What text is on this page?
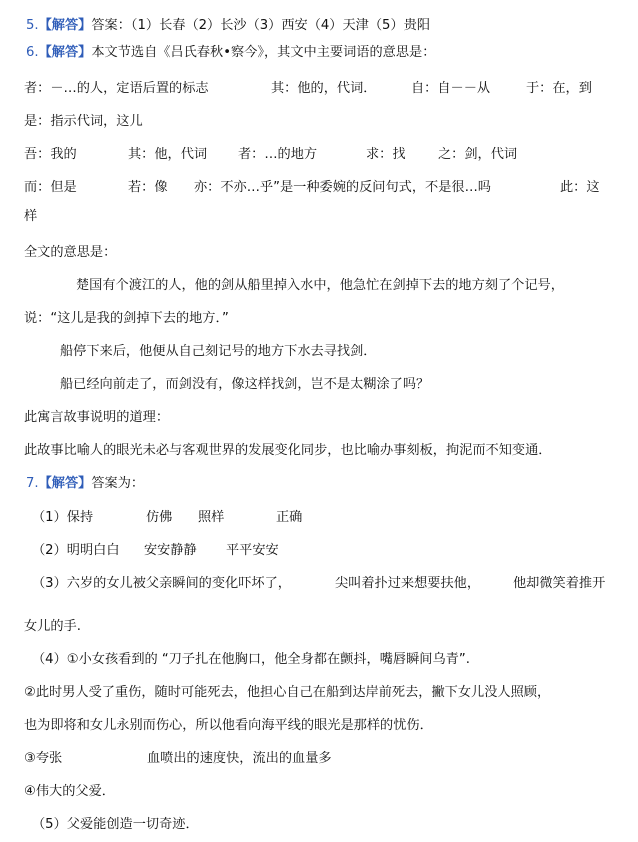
5.【解答】答案：（1）长春（2）长沙（3）西安（4）天津（5）贵阳
6.【解答】本文节选自《吕氏春秋•察今》，其文中主要词语的意思是：
者：－…的人，定语后置的标志	其：他的，代词．	自：自－－从	于：在，到
是：指示代词，这儿
吾：我的	其：他，代词 者：…的地方	求：找 之：剑，代词
而：但是	若：像 亦：不亦…乎”是一种委婉的反问句式，不是很…吗	此：这
样
全文的意思是：
楚国有个渡江的人，他的剑从船里掉入水中，他急忙在剑掉下去的地方刻了个记号，
说：“这儿是我的剑掉下去的地方．”
船停下来后，他便从自己刻记号的地方下水去寻找剑．
船已经向前走了，而剑没有，像这样找剑，岂不是太糊涂了吗？
此寓言故事说明的道理：
此故事比喻人的眼光未必与客观世界的发展变化同步，也比喻办事刻板，拘泥而不知变通．
7.【解答】答案为：
（1）保持	仿佛 照样	正确
（2）明明白白 安安静静 平平安安
（3）六岁的女儿被父亲瞬间的变化吓坏了，	尖叫着扑过来想要扶他， 他却微笑着推开
女儿的手.
（4）①小女孩看到的 “刀子扎在他胸口，他全身都在颤抖，嘴唇瞬间乌青”.
②此时男人受了重伤，随时可能死去，他担心自己在船到达岸前死去，撇下女儿没人照顾，
也为即将和女儿永别而伤心，所以他看向海平线的眼光是那样的忧伤．
③夸张	血喷出的速度快，流出的血量多
④伟大的父爱．
（5）父爱能创造一切奇迹．
